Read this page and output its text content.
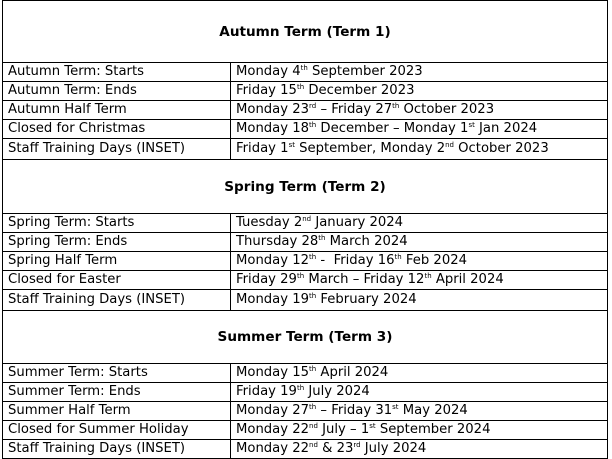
Autumn Term (Term 1)	
Autumn Term: Starts	Monday 4th September 2023
Autumn Term: Ends	Friday 15th December 2023
Autumn Half Term	Monday 23rd – Friday 27th October 2023
Closed for Christmas	Monday 18th December – Monday 1st Jan 2024
Staff Training Days (INSET)	Friday 1st September, Monday 2nd October 2023
Spring Term (Term 2)	
Spring Term: Starts	Tuesday 2nd January 2024
Spring Term: Ends	Thursday 28th March 2024
Spring Half Term	Monday 12th -  Friday 16th Feb 2024
Closed for Easter	Friday 29th March – Friday 12th April 2024
Staff Training Days (INSET)	Monday 19th February 2024
Summer Term (Term 3)	
Summer Term: Starts	Monday 15th April 2024
Summer Term: Ends	Friday 19th July 2024
Summer Half Term	Monday 27th – Friday 31st May 2024
Closed for Summer Holiday	Monday 22nd July – 1st September 2024
Staff Training Days (INSET)	Monday 22nd & 23rd July 2024
